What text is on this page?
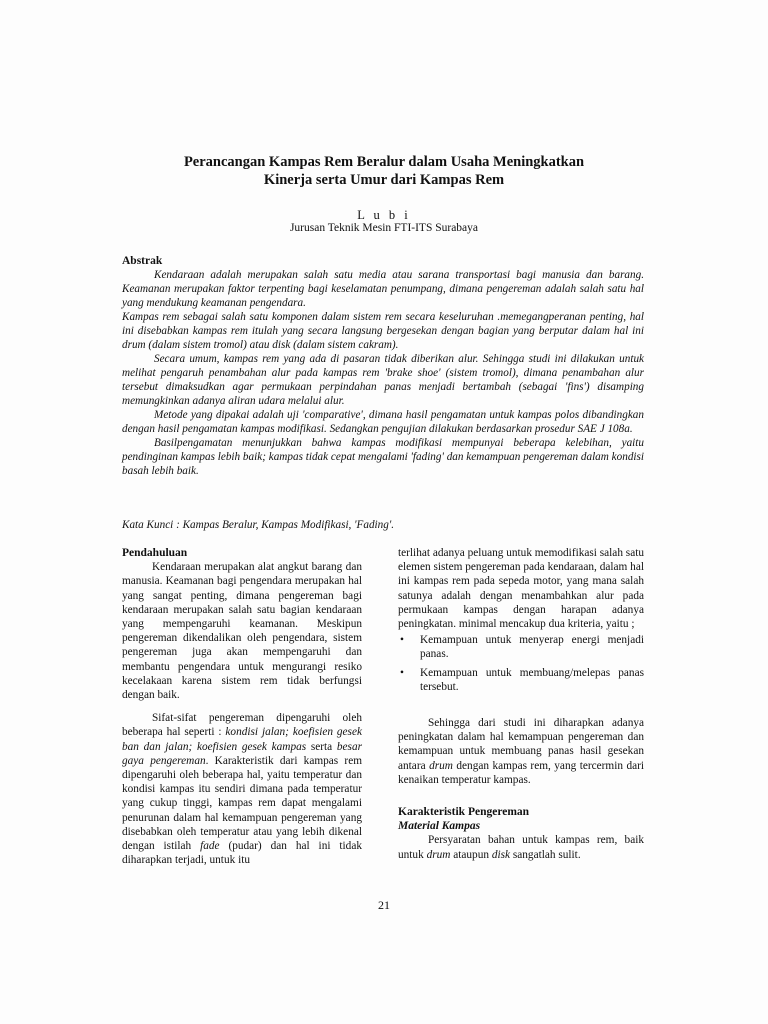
Perancangan Kampas Rem Beralur dalam Usaha Meningkatkan
Kinerja serta Umur dari Kampas Rem
L u b i
Jurusan Teknik Mesin FTI-ITS Surabaya
Abstrak

Kendaraan adalah merupakan salah satu media atau sarana transportasi bagi manusia dan barang. Keamanan merupakan faktor terpenting bagi keselamatan penumpang, dimana pengereman adalah salah satu hal yang mendukung keamanan pengendara.

Kampas rem sebagai salah satu komponen dalam sistem rem secara keseluruhan .memegangperanan penting, hal ini disebabkan kampas rem itulah yang secara langsung bergesekan dengan bagian yang berputar dalam hal ini drum (dalam sistem tromol) atau disk (dalam sistem cakram).

Secara umum, kampas rem yang ada di pasaran tidak diberikan alur. Sehingga studi ini dilakukan untuk melihat pengaruh penambahan alur pada kampas rem 'brake shoe' (sistem tromol), dimana penambahan alur tersebut dimaksudkan agar permukaan perpindahan panas menjadi bertambah (sebagai 'fins') disamping memungkinkan adanya aliran udara melalui alur.

Metode yang dipakai adalah uji 'comparative', dimana hasil pengamatan untuk kampas polos dibandingkan dengan hasil pengamatan kampas modifikasi. Sedangkan pengujian dilakukan berdasarkan prosedur SAE J 108a.

Basilpengamatan menunjukkan bahwa kampas modifikasi mempunyai beberapa kelebihan, yaitu pendinginan kampas lebih baik; kampas tidak cepat mengalami 'fading' dan kemampuan pengereman dalam kondisi basah lebih baik.

Kata Kunci : Kampas Beralur, Kampas Modifikasi, 'Fading'.
Pendahuluan

Kendaraan merupakan alat angkut barang dan manusia. Keamanan bagi pengendara merupakan hal yang sangat penting, dimana pengereman bagi kendaraan merupakan salah satu bagian kendaraan yang mempengaruhi keamanan. Meskipun pengereman dikendalikan oleh pengendara, sistem pengereman juga akan mempengaruhi dan membantu pengendara untuk mengurangi resiko kecelakaan karena sistem rem tidak berfungsi dengan baik.

Sifat-sifat pengereman dipengaruhi oleh beberapa hal seperti : kondisi jalan; koefisien gesek ban dan jalan; koefisien gesek kampas serta besar gaya pengereman. Karakteristik dari kampas rem dipengaruhi oleh beberapa hal, yaitu temperatur dan kondisi kampas itu sendiri dimana pada temperatur yang cukup tinggi, kampas rem dapat mengalami penurunan dalam hal kemampuan pengereman yang disebabkan oleh temperatur atau yang lebih dikenal dengan istilah fade (pudar) dan hal ini tidak diharapkan terjadi, untuk itu

terlihat adanya peluang untuk memodifikasi salah satu elemen sistem pengereman pada kendaraan, dalam hal ini kampas rem pada sepeda motor, yang mana salah satunya adalah dengan menambahkan alur pada permukaan kampas dengan harapan adanya peningkatan. minimal mencakup dua kriteria, yaitu ;

• Kemampuan untuk menyerap energi menjadi panas.
• Kemampuan untuk membuang/melepas panas tersebut.

Sehingga dari studi ini diharapkan adanya peningkatan dalam hal kemampuan pengereman dan kemampuan untuk membuang panas hasil gesekan antara drum dengan kampas rem, yang tercermin dari kenaikan temperatur kampas.

Karakteristik Pengereman
Material Kampas

Persyaratan bahan untuk kampas rem, baik untuk drum ataupun disk sangatlah sulit.

21
